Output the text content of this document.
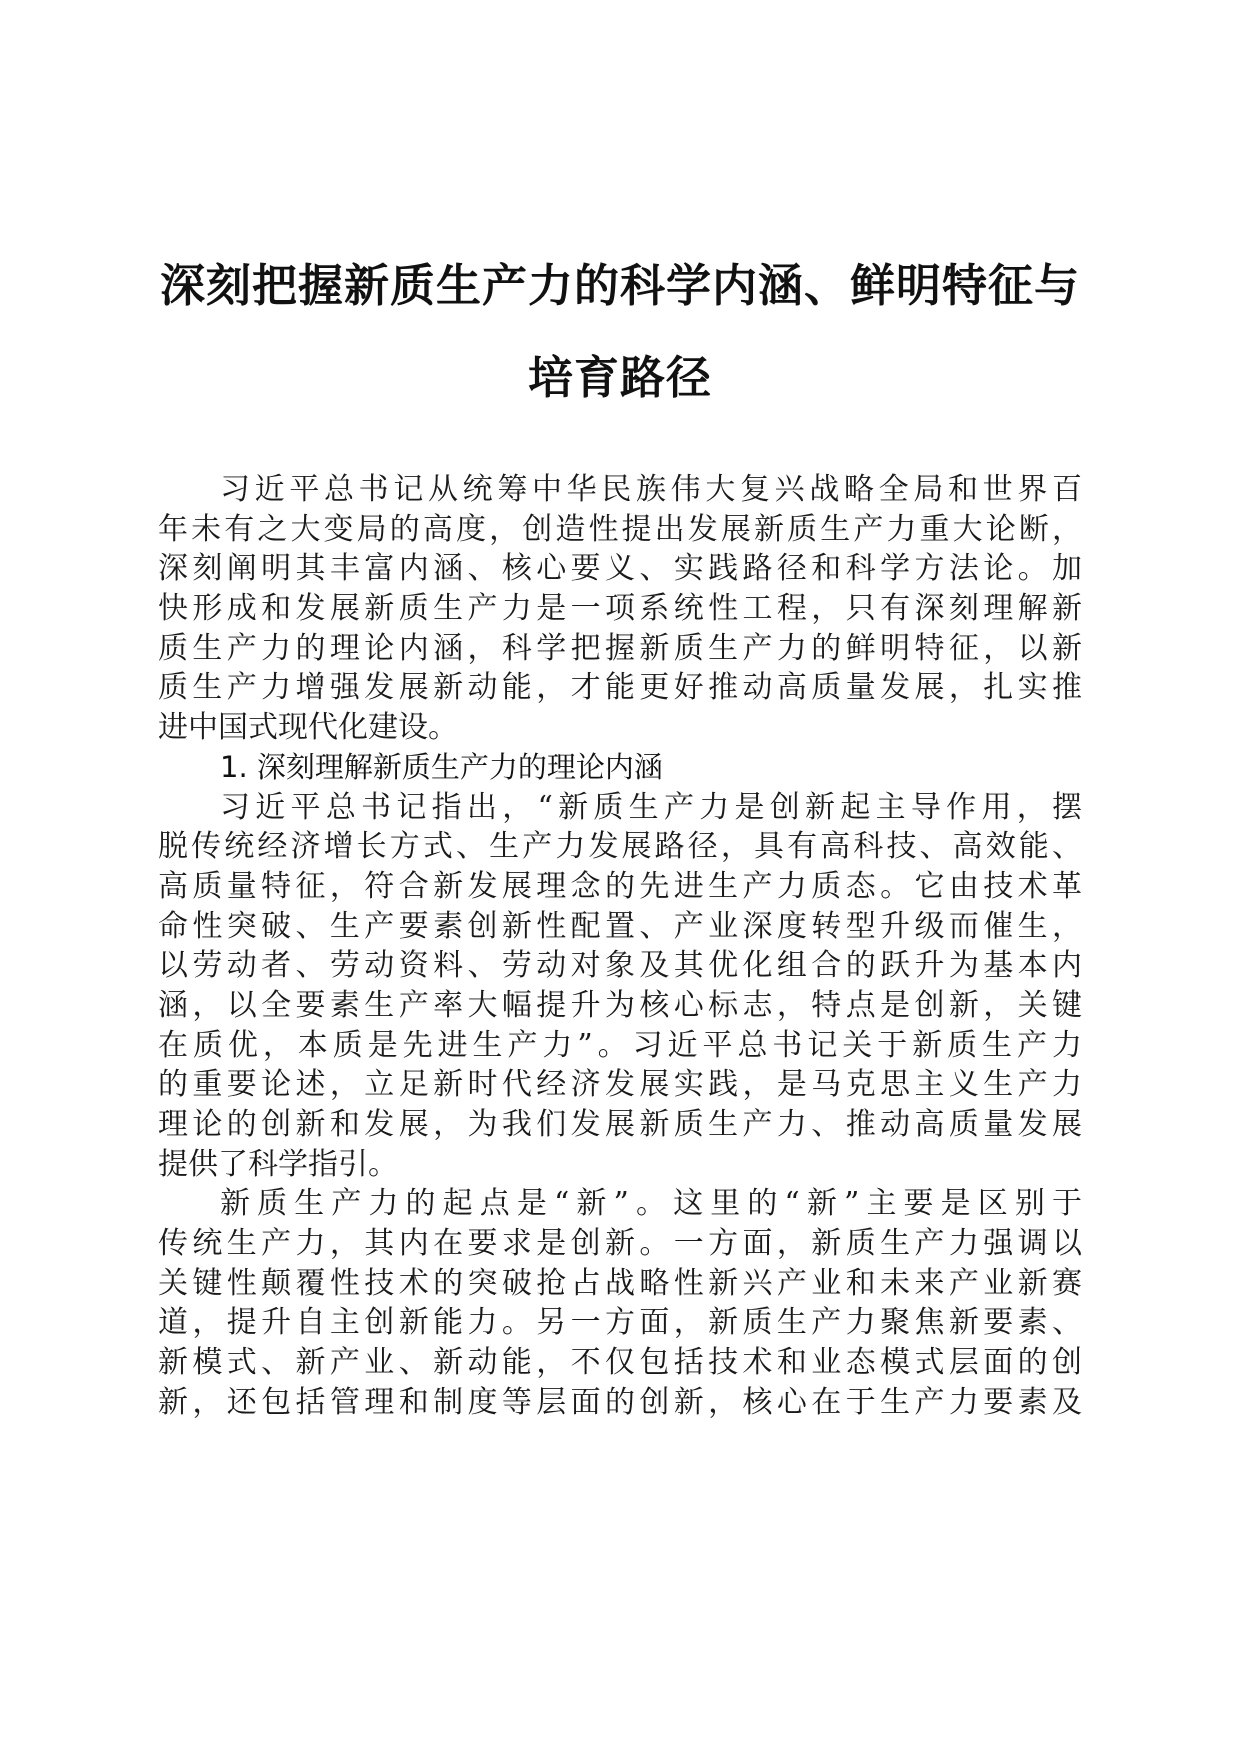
深刻把握新质生产力的科学内涵、鲜明特征与
培育路径

习近平总书记从统筹中华民族伟大复兴战略全局和世界百
年未有之大变局的高度，创造性提出发展新质生产力重大论断，
深刻阐明其丰富内涵、核心要义、实践路径和科学方法论。加
快形成和发展新质生产力是一项系统性工程，只有深刻理解新
质生产力的理论内涵，科学把握新质生产力的鲜明特征，以新
质生产力增强发展新动能，才能更好推动高质量发展，扎实推
进中国式现代化建设。

1. 深刻理解新质生产力的理论内涵

习近平总书记指出，“新质生产力是创新起主导作用，摆
脱传统经济增长方式、生产力发展路径，具有高科技、高效能、
高质量特征，符合新发展理念的先进生产力质态。它由技术革
命性突破、生产要素创新性配置、产业深度转型升级而催生，
以劳动者、劳动资料、劳动对象及其优化组合的跃升为基本内
涵，以全要素生产率大幅提升为核心标志，特点是创新，关键
在质优，本质是先进生产力”。习近平总书记关于新质生产力
的重要论述，立足新时代经济发展实践，是马克思主义生产力
理论的创新和发展，为我们发展新质生产力、推动高质量发展
提供了科学指引。

新质生产力的起点是“新”。这里的“新”主要是区别于
传统生产力，其内在要求是创新。一方面，新质生产力强调以
关键性颠覆性技术的突破抢占战略性新兴产业和未来产业新赛
道，提升自主创新能力。另一方面，新质生产力聚焦新要素、
新模式、新产业、新动能，不仅包括技术和业态模式层面的创
新，还包括管理和制度等层面的创新，核心在于生产力要素及
